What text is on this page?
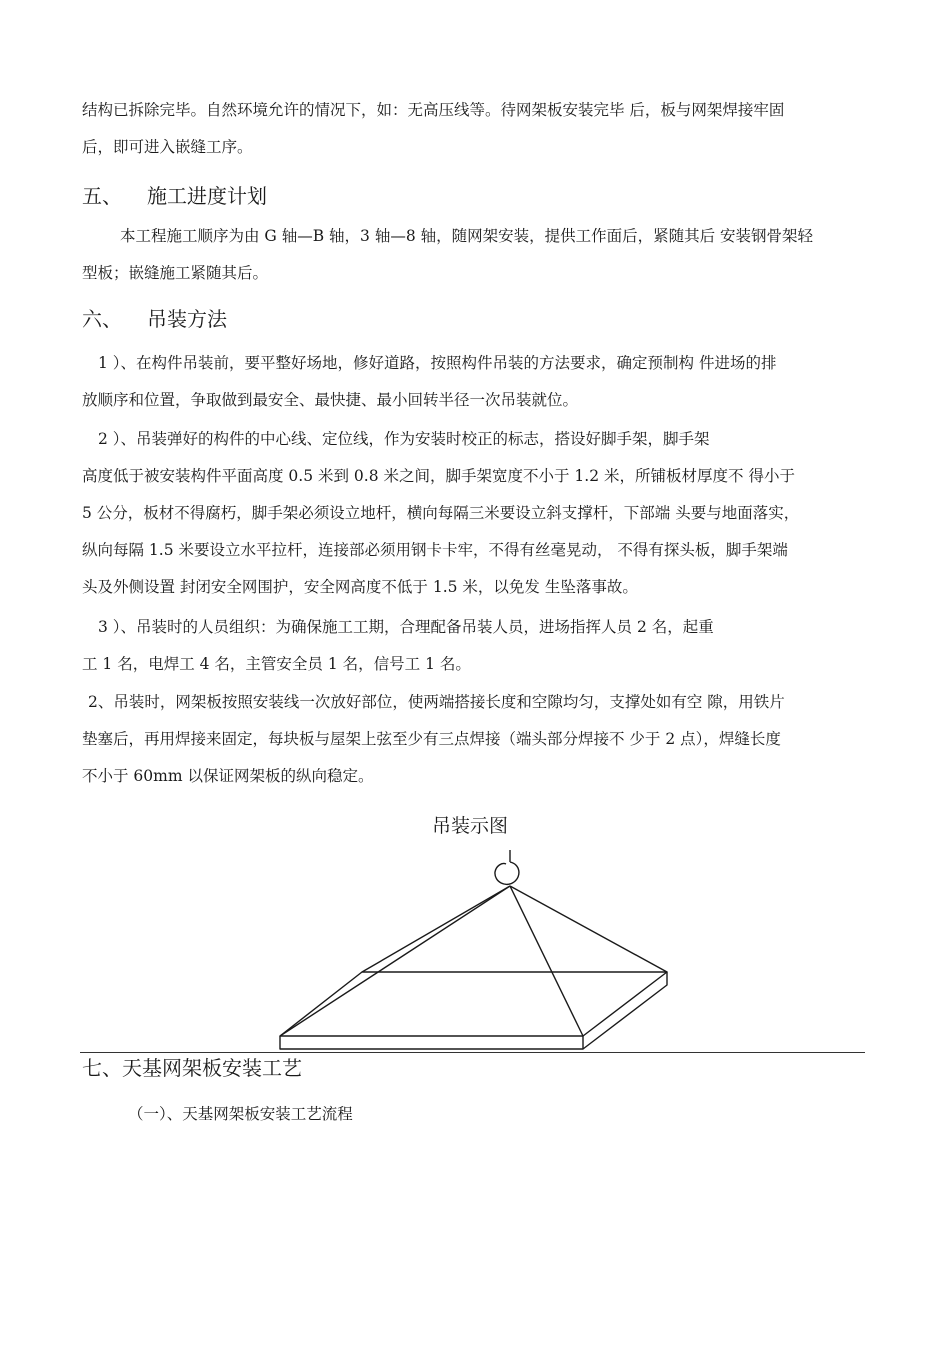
结构已拆除完毕。自然环境允许的情况下，如：无高压线等。待网架板安装完毕 后，板与网架焊接牢固
后，即可进入嵌缝工序。
五、 施工进度计划
本工程施工顺序为由 G 轴—B 轴，3 轴—8 轴，随网架安装，提供工作面后，紧随其后 安装钢骨架轻
型板；嵌缝施工紧随其后。
六、 吊装方法
1 ）、在构件吊装前，要平整好场地，修好道路，按照构件吊装的方法要求，确定预制构 件进场的排
放顺序和位置，争取做到最安全、最快捷、最小回转半径一次吊装就位。
2 ）、吊装弹好的构件的中心线、定位线，作为安装时校正的标志，搭设好脚手架，脚手架
高度低于被安装构件平面高度 0.5 米到 0.8 米之间，脚手架宽度不小于 1.2 米，所铺板材厚度不 得小于
5 公分，板材不得腐朽，脚手架必须设立地杆，横向每隔三米要设立斜支撑杆，下部端 头要与地面落实，
纵向每隔 1.5 米要设立水平拉杆，连接部必须用钢卡卡牢，不得有丝毫晃动， 不得有探头板，脚手架端
头及外侧设置 封闭安全网围护，安全网高度不低于 1.5 米，以免发 生坠落事故。
3 ）、吊装时的人员组织：为确保施工工期，合理配备吊装人员，进场指挥人员 2 名，起重
工 1 名，电焊工 4 名，主管安全员 1 名，信号工 1 名。
2、吊装时，网架板按照安装线一次放好部位，使两端搭接长度和空隙均匀，支撑处如有空 隙，用铁片
垫塞后，再用焊接来固定，每块板与屋架上弦至少有三点焊接（端头部分焊接不 少于 2 点），焊缝长度
不小于 60mm 以保证网架板的纵向稳定。
吊装示图
七、天基网架板安装工艺
（一）、天基网架板安装工艺流程
